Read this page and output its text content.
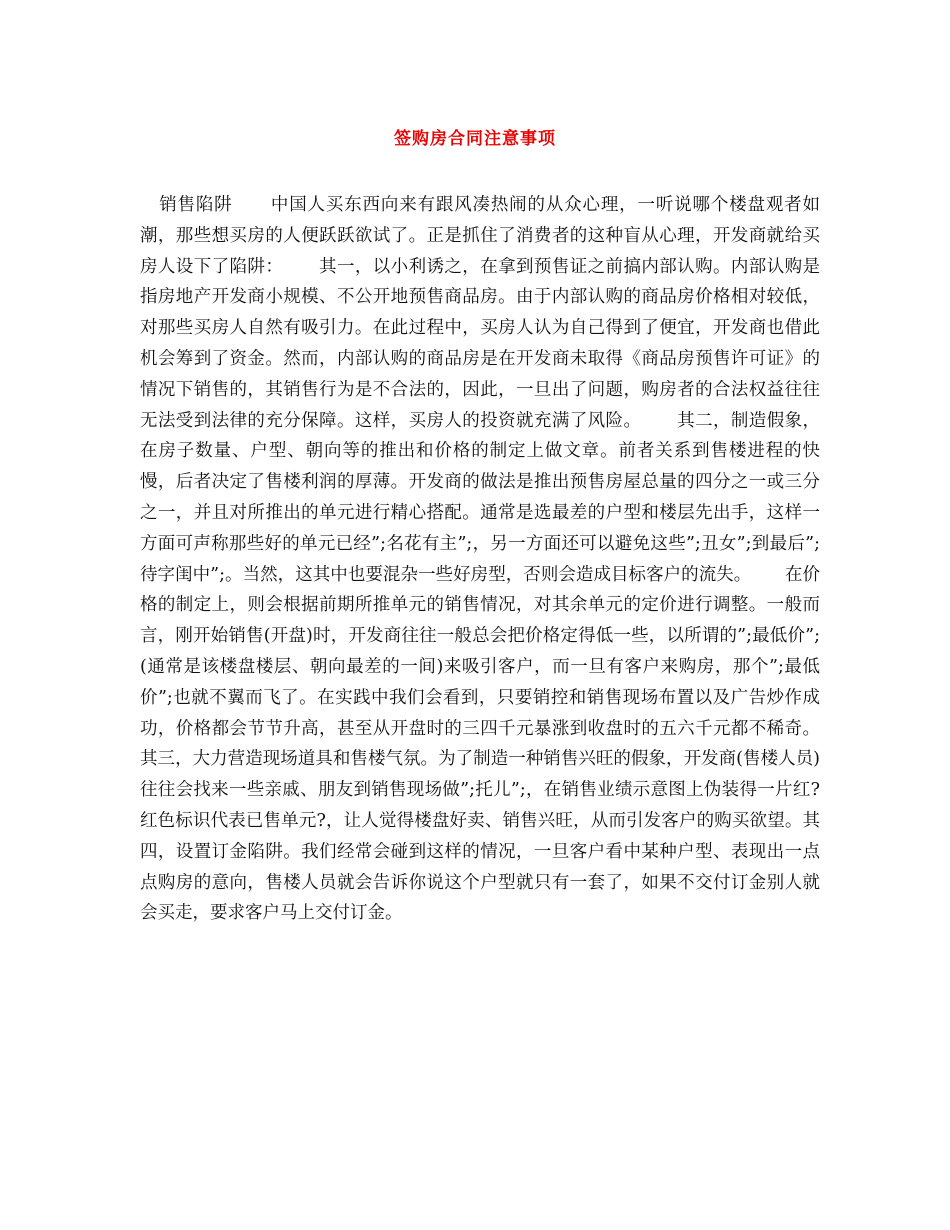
签购房合同注意事项

销售陷阱      中国人买东西向来有跟风凑热闹的从众心理，一听说哪个楼盘观者如潮，那些想买房的人便跃跃欲试了。正是抓住了消费者的这种盲从心理，开发商就给买房人设下了陷阱：      其一，以小利诱之，在拿到预售证之前搞内部认购。内部认购是指房地产开发商小规模、不公开地预售商品房。由于内部认购的商品房价格相对较低，对那些买房人自然有吸引力。在此过程中，买房人认为自己得到了便宜，开发商也借此机会筹到了资金。然而，内部认购的商品房是在开发商未取得《商品房预售许可证》的情况下销售的，其销售行为是不合法的，因此，一旦出了问题，购房者的合法权益往往无法受到法律的充分保障。这样，买房人的投资就充满了风险。      其二，制造假象，在房子数量、户型、朝向等的推出和价格的制定上做文章。前者关系到售楼进程的快慢，后者决定了售楼利润的厚薄。开发商的做法是推出预售房屋总量的四分之一或三分之一，并且对所推出的单元进行精心搭配。通常是选最差的户型和楼层先出手，这样一方面可声称那些好的单元已经”;名花有主”;，另一方面还可以避免这些”;丑女”;到最后”;待字闺中”;。当然，这其中也要混杂一些好房型，否则会造成目标客户的流失。      在价格的制定上，则会根据前期所推单元的销售情况，对其余单元的定价进行调整。一般而言，刚开始销售(开盘)时，开发商往往一般总会把价格定得低一些，以所谓的”;最低价”;(通常是该楼盘楼层、朝向最差的一间)来吸引客户，而一旦有客户来购房，那个”;最低价”;也就不翼而飞了。在实践中我们会看到，只要销控和销售现场布置以及广告炒作成功，价格都会节节升高，甚至从开盘时的三四千元暴涨到收盘时的五六千元都不稀奇。      其三，大力营造现场道具和售楼气氛。为了制造一种销售兴旺的假象，开发商(售楼人员)往往会找来一些亲戚、朋友到销售现场做”;托儿”;，在销售业绩示意图上伪装得一片红?红色标识代表已售单元?，让人觉得楼盘好卖、销售兴旺，从而引发客户的购买欲望。其四，设置订金陷阱。我们经常会碰到这样的情况，一旦客户看中某种户型、表现出一点点购房的意向，售楼人员就会告诉你说这个户型就只有一套了，如果不交付订金别人就会买走，要求客户马上交付订金。
